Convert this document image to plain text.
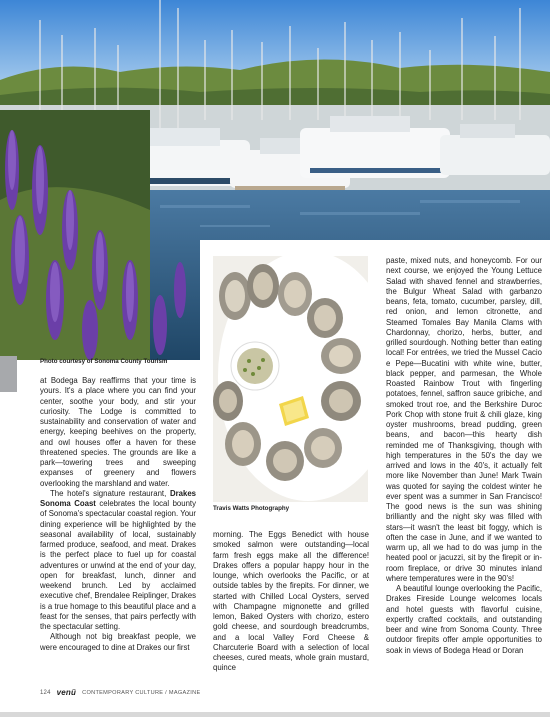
Photo courtesy of Sonoma County Tourism
Travis Watts Photography

at Bodega Bay reaffirms that your time is yours. It's a place where you can find your center, soothe your body, and stir your curiosity. The Lodge is committed to sustainability and conservation of water and energy, keeping beehives on the property, and owl houses offer a haven for these threatened species. The grounds are like a park—towering trees and sweeping expanses of greenery and flowers overlooking the marshland and water.

The hotel's signature restaurant, Drakes Sonoma Coast celebrates the local bounty of Sonoma's spectacular coastal region. Your dining experience will be highlighted by the seasonal availability of local, sustainably farmed produce, seafood, and meat. Drakes is the perfect place to fuel up for coastal adventures or unwind at the end of your day, open for breakfast, lunch, dinner and weekend brunch. Led by acclaimed executive chef, Brendalee Reiplinger, Drakes is a true homage to this beautiful place and a feast for the senses, that pairs perfectly with the spectacular setting.

Although not big breakfast people, we were encouraged to dine at Drakes our first

morning. The Eggs Benedict with house smoked salmon were outstanding—local farm fresh eggs make all the difference! Drakes offers a popular happy hour in the lounge, which overlooks the Pacific, or at outside tables by the firepits. For dinner, we started with Chilled Local Oysters, served with Champagne mignonette and grilled lemon, Baked Oysters with chorizo, estero gold cheese, and sourdough breadcrumbs, and a local Valley Ford Cheese & Charcuterie Board with a selection of local cheeses, cured meats, whole grain mustard, quince

paste, mixed nuts, and honeycomb. For our next course, we enjoyed the Young Lettuce Salad with shaved fennel and strawberries, the Bulgur Wheat Salad with garbanzo beans, feta, tomato, cucumber, parsley, dill, red onion, and lemon citronette, and Steamed Tomales Bay Manila Clams with Chardonnay, chorizo, herbs, butter, and grilled sourdough. Nothing better than eating local! For entrées, we tried the Mussel Cacio e Pepe—Bucatini with white wine, butter, black pepper, and parmesan, the Whole Roasted Rainbow Trout with fingerling potatoes, fennel, saffron sauce gribiche, and smoked trout roe, and the Berkshire Duroc Pork Chop with stone fruit & chili glaze, king oyster mushrooms, bread pudding, green beans, and bacon—this hearty dish reminded me of Thanksgiving, though with high temperatures in the 50's the day we arrived and lows in the 40's, it actually felt more like November than June! Mark Twain was quoted for saying the coldest winter he ever spent was a summer in San Francisco! The good news is the sun was shining brilliantly and the night sky was filled with stars—it wasn't the least bit foggy, which is often the case in June, and if we wanted to warm up, all we had to do was jump in the heated pool or jacuzzi, sit by the firepit or in-room fireplace, or drive 30 minutes inland where temperatures were in the 90's!

A beautiful lounge overlooking the Pacific, Drakes Fireside Lounge welcomes locals and hotel guests with flavorful cuisine, expertly crafted cocktails, and outstanding beer and wine from Sonoma County. Three outdoor firepits offer ample opportunities to soak in views of Bodega Head or Doran

124 venü CONTEMPORARY CULTURE / MAGAZINE
